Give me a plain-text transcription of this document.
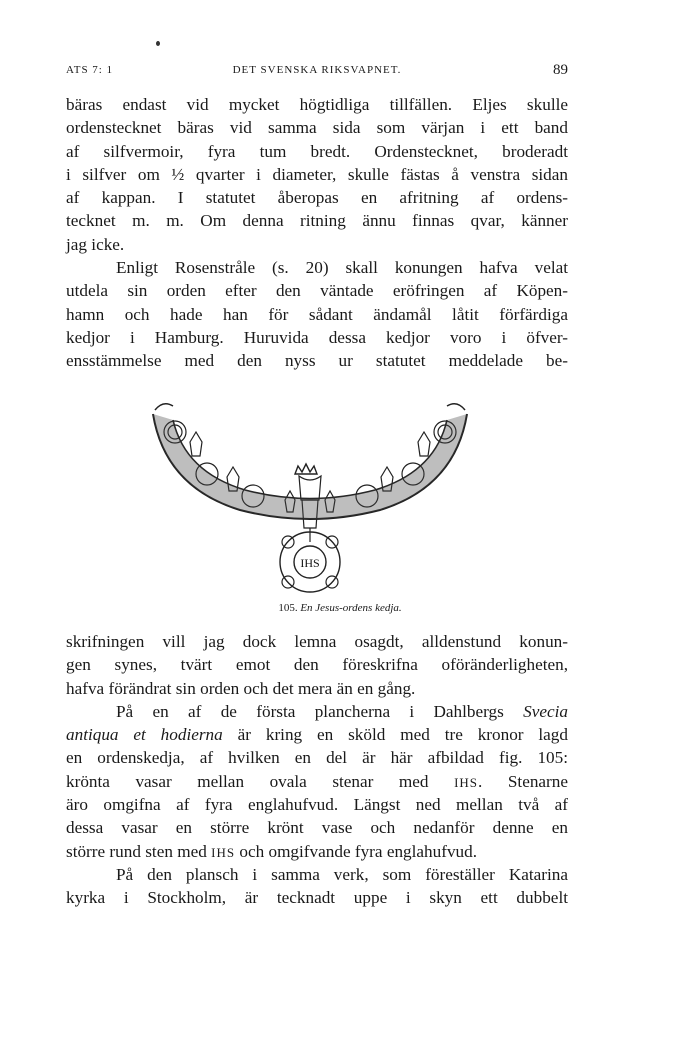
ATS 7: 1	DET SVENSKA RIKSVAPNET.	89
bäras endast vid mycket högtidliga tillfällen. Eljes skulle
ordenstecknet bäras vid samma sida som värjan i ett band
af silfvermoir, fyra tum bredt. Ordenstecknet, broderadt
i silfver om ½ qvarter i diameter, skulle fästas å venstra sidan
af kappan. I statutet åberopas en afritning af ordens-
tecknet m. m. Om denna ritning ännu finnas qvar, känner
jag icke.
Enligt Rosenstråle (s. 20) skall konungen hafva velat
utdela sin orden efter den väntade eröfringen af Köpen-
hamn och hade han för sådant ändamål låtit förfärdiga
kedjor i Hamburg. Huruvida dessa kedjor voro i öfver-
ensstämmelse med den nyss ur statutet meddelade be-
IHS
105. En Jesus-ordens kedja.
skrifningen vill jag dock lemna osagdt, alldenstund konun-
gen synes, tvärt emot den föreskrifna oföränderligheten,
hafva förändrat sin orden och det mera än en gång.
På en af de första plancherna i Dahlbergs Svecia
antiqua et hodierna är kring en sköld med tre kronor lagd
en ordenskedja, af hvilken en del är här afbildad fig. 105:
krönta vasar mellan ovala stenar med IHS. Stenarne
äro omgifna af fyra englahufvud. Längst ned mellan två af
dessa vasar en större krönt vase och nedanför denne en
större rund sten med IHS och omgifvande fyra englahufvud.
På den plansch i samma verk, som föreställer Katarina
kyrka i Stockholm, är tecknadt uppe i skyn ett dubbelt
